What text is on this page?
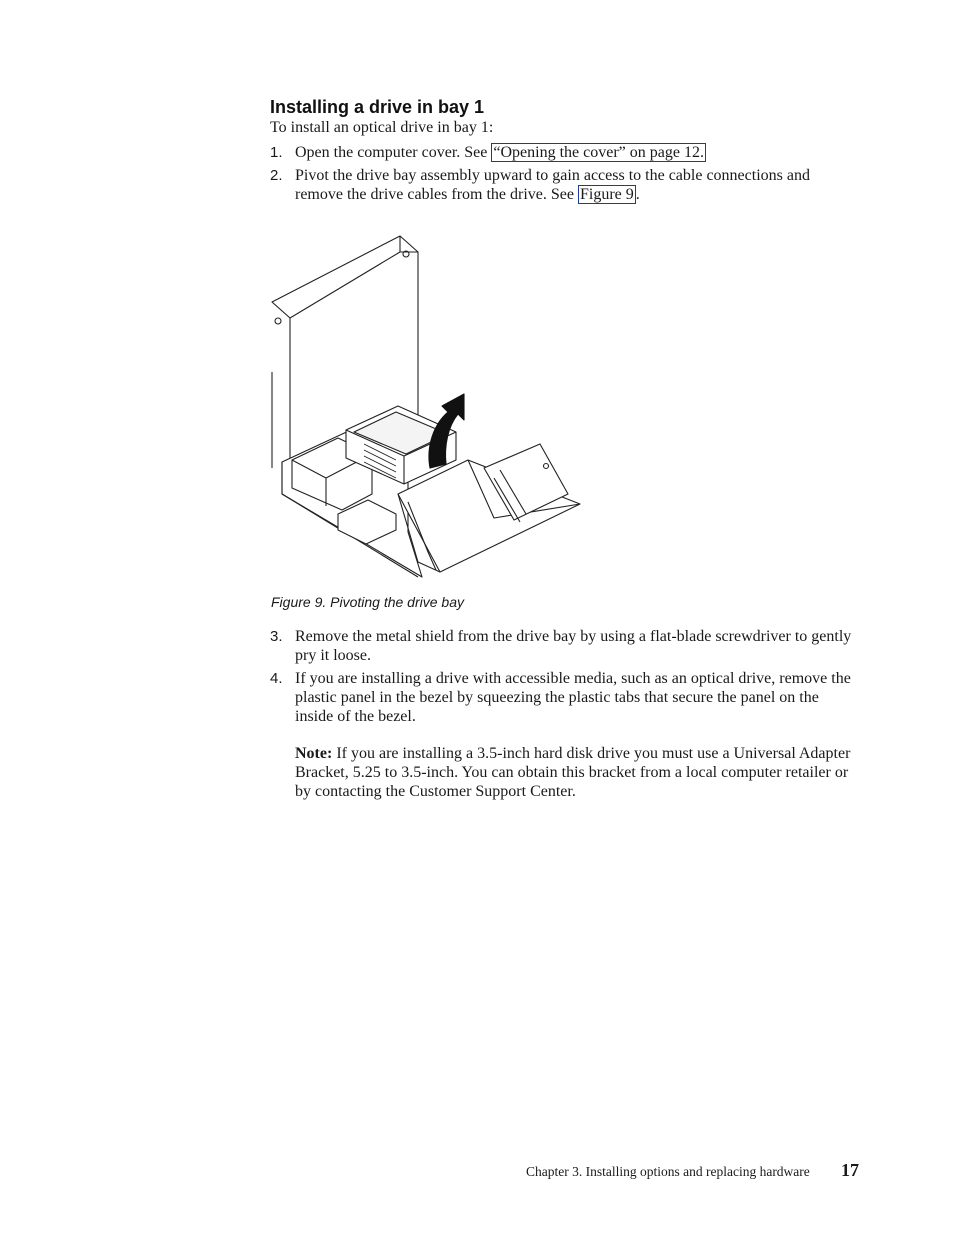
Installing a drive in bay 1
To install an optical drive in bay 1:
1. Open the computer cover. See “Opening the cover” on page 12.
2. Pivot the drive bay assembly upward to gain access to the cable connections and remove the drive cables from the drive. See Figure 9 .
Figure 9. Pivoting the drive bay
3. Remove the metal shield from the drive bay by using a flat-blade screwdriver to gently pry it loose.
4. If you are installing a drive with accessible media, such as an optical drive, remove the plastic panel in the bezel by squeezing the plastic tabs that secure the panel on the inside of the bezel.
Note: If you are installing a 3.5-inch hard disk drive you must use a Universal Adapter Bracket, 5.25 to 3.5-inch. You can obtain this bracket from a local computer retailer or by contacting the Customer Support Center.
Chapter 3. Installing options and replacing hardware 17
